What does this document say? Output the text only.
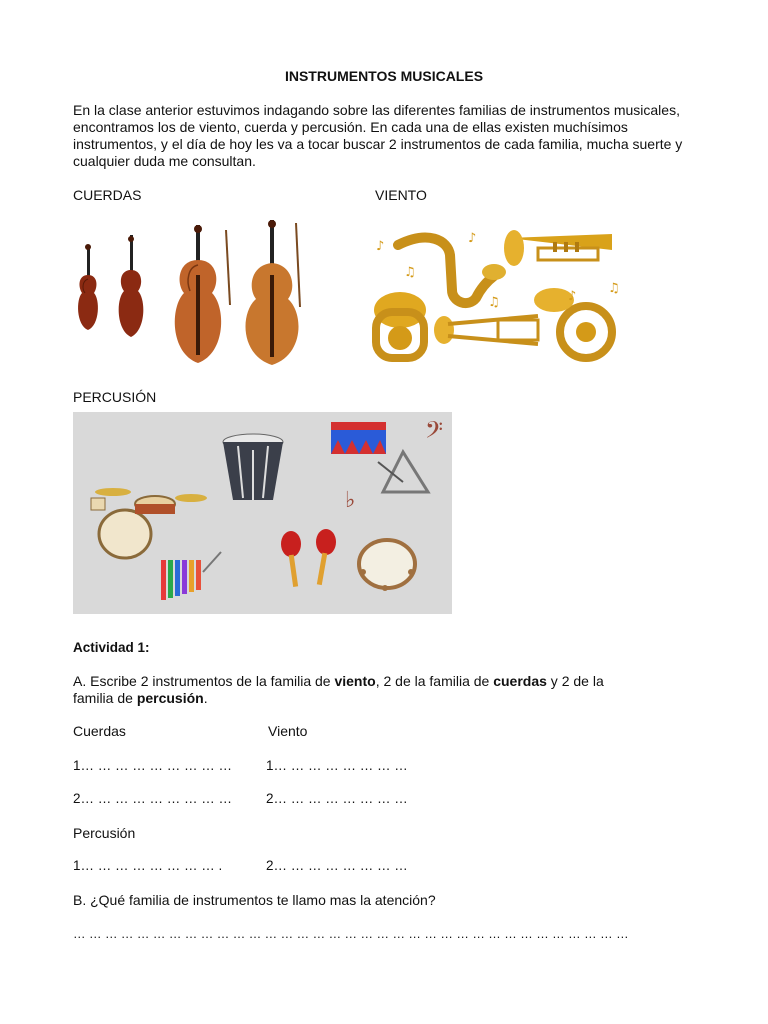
INSTRUMENTOS MUSICALES
En la clase anterior estuvimos indagando sobre las diferentes familias de instrumentos musicales, encontramos los de viento, cuerda y percusión. En cada una de ellas existen muchísimos instrumentos, y el día de hoy les va a tocar buscar 2 instrumentos de cada familia, mucha suerte y cualquier duda me consultan.
CUERDAS	VIENTO
♪
♫
♪
♫	♪
♫
PERCUSIÓN
𝄢
♭
Actividad 1:
A. Escribe 2 instrumentos de la familia de viento, 2 de la familia de cuerdas y 2 de la
familia de percusión.
Cuerdas	Viento
1… … … … … … … … …	1… … … … … … … …
2… … … … … … … … …	2… … … … … … … …
Percusión
1… … … … … … … … .	2… … … … … … … …
B. ¿Qué familia de instrumentos te llamo mas la atención?
… … … … … … … … … … … … … … … … … … … … … … … … … … … … … … … … … … …
